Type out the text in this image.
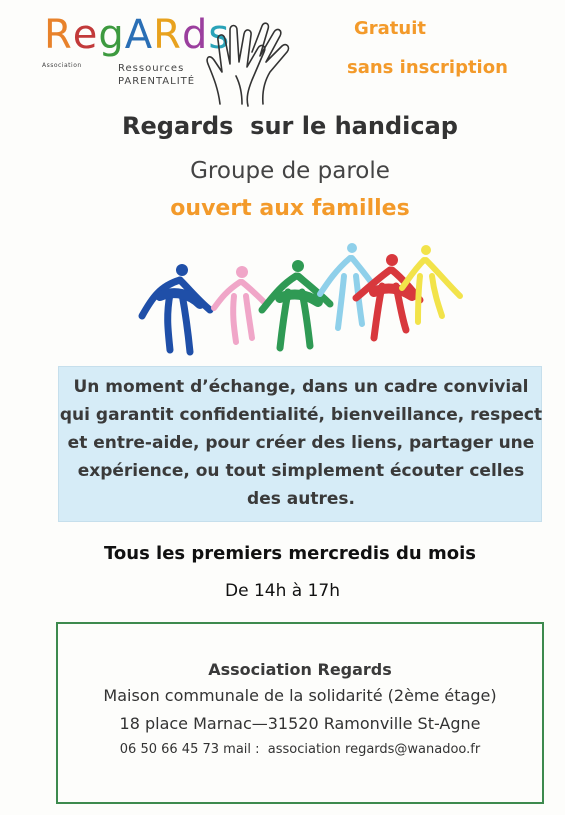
RegARds
Association	Ressources
PARENTALITÉ
Gratuit
sans inscription
Regards  sur le handicap
Groupe de parole
ouvert aux familles
Un moment d’échange, dans un cadre convivial
qui garantit confidentialité, bienveillance, respect
et entre-aide, pour créer des liens, partager une
expérience, ou tout simplement écouter celles
des autres.
Tous les premiers mercredis du mois
De 14h à 17h
Association Regards
Maison communale de la solidarité (2ème étage)
18 place Marnac—31520 Ramonville St-Agne
06 50 66 45 73 mail :  association regards@wanadoo.fr
